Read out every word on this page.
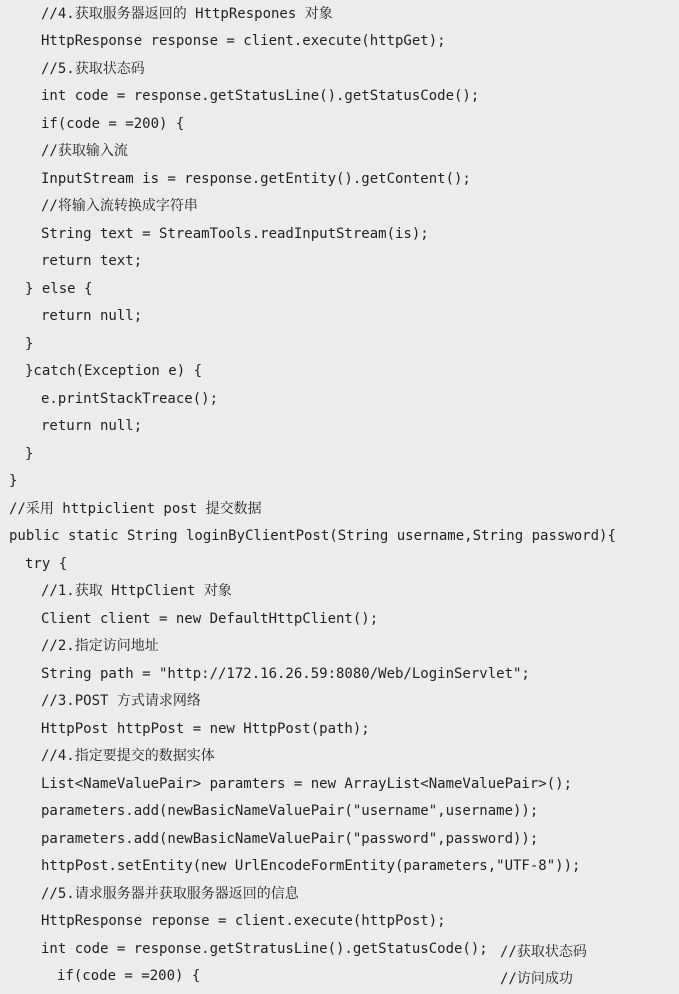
//4.获取服务器返回的 HttpRespones 对象
HttpResponse response = client.execute(httpGet);
//5.获取状态码
int code = response.getStatusLine().getStatusCode();
if(code = =200) {
//获取输入流
InputStream is = response.getEntity().getContent();
//将输入流转换成字符串
String text = StreamTools.readInputStream(is);
return text;
} else {
return null;
}
}catch(Exception e) {
e.printStackTreace();
return null;
}
}
//采用 httpiclient post 提交数据
public static String loginByClientPost(String username,String password){
try {
//1.获取 HttpClient 对象
Client client = new DefaultHttpClient();
//2.指定访问地址
String path = "http://172.16.26.59:8080/Web/LoginServlet";
//3.POST 方式请求网络
HttpPost httpPost = new HttpPost(path);
//4.指定要提交的数据实体
List<NameValuePair> paramters = new ArrayList<NameValuePair>();
parameters.add(newBasicNameValuePair("username",username));
parameters.add(newBasicNameValuePair("password",password));
httpPost.setEntity(new UrlEncodeFormEntity(parameters,"UTF-8"));
//5.请求服务器并获取服务器返回的信息
HttpResponse reponse = client.execute(httpPost);
int code = response.getStratusLine().getStatusCode();
if(code = =200) {
//获取状态码
//访问成功
